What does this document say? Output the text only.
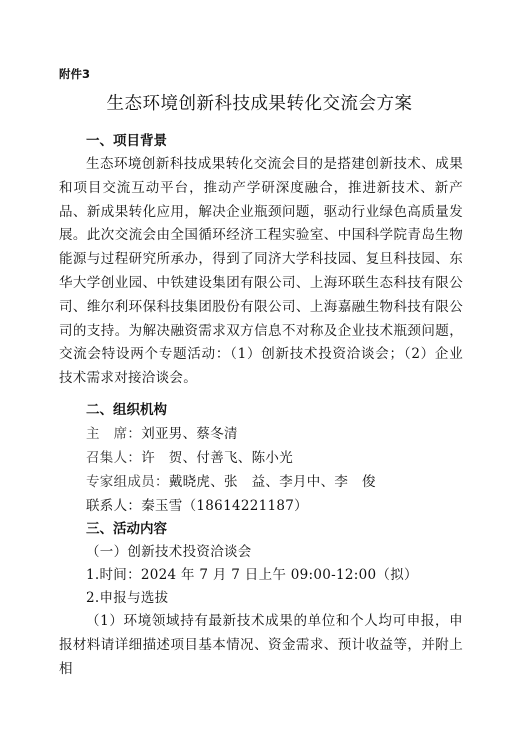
附件3
生态环境创新科技成果转化交流会方案
一、项目背景

生态环境创新科技成果转化交流会目的是搭建创新技术、成果和项目交流互动平台，推动产学研深度融合，推进新技术、新产品、新成果转化应用，解决企业瓶颈问题，驱动行业绿色高质量发展。此次交流会由全国循环经济工程实验室、中国科学院青岛生物能源与过程研究所承办，得到了同济大学科技园、复旦科技园、东华大学创业园、中铁建设集团有限公司、上海环联生态科技有限公司、维尔利环保科技集团股份有限公司、上海嘉融生物科技有限公司的支持。为解决融资需求双方信息不对称及企业技术瓶颈问题，交流会特设两个专题活动：（1）创新技术投资洽谈会；（2）企业技术需求对接洽谈会。

二、组织机构
主　席：刘亚男、蔡冬清
召集人：许　贺、付善飞、陈小光
专家组成员：戴晓虎、张　益、李月中、李　俊
联系人：秦玉雪（18614221187）
三、活动内容
（一）创新技术投资洽谈会
1.时间：2024 年 7 月 7 日上午 09:00-12:00（拟）
2.申报与选拔

（1）环境领域持有最新技术成果的单位和个人均可申报，申报材料请详细描述项目基本情况、资金需求、预计收益等，并附上相
